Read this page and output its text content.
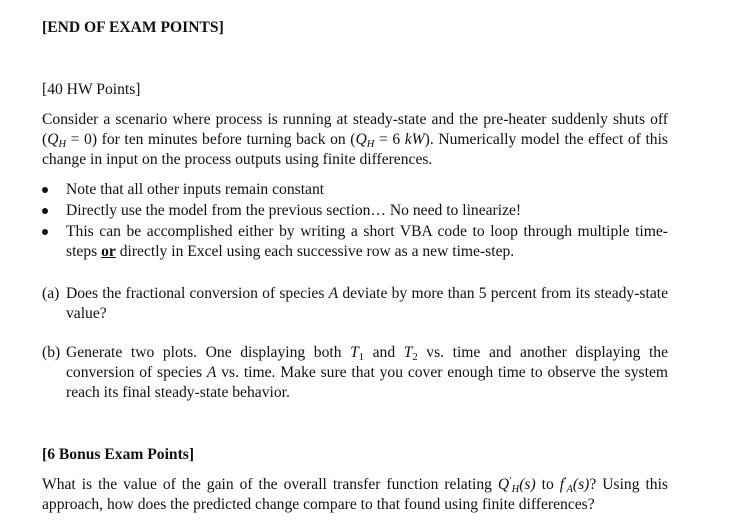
[END OF EXAM POINTS]
[40 HW Points]
Consider a scenario where process is running at steady-state and the pre-heater suddenly shuts off $(Q_H = 0)$ for ten minutes before turning back on ($Q_H = 6$ kW). Numerically model the effect of this change in input on the process outputs using finite differences.
Note that all other inputs remain constant
Directly use the model from the previous section… No need to linearize!
This can be accomplished either by writing a short VBA code to loop through multiple time-steps or directly in Excel using each successive row as a new time-step.
(a) Does the fractional conversion of species A deviate by more than 5 percent from its steady-state value?
(b) Generate two plots. One displaying both $T_1$ and $T_2$ vs. time and another displaying the conversion of species A vs. time. Make sure that you cover enough time to observe the system reach its final steady-state behavior.
[6 Bonus Exam Points]
What is the value of the gain of the overall transfer function relating $Q'_H(s)$ to $f'_A(s)$? Using this approach, how does the predicted change compare to that found using finite differences?
